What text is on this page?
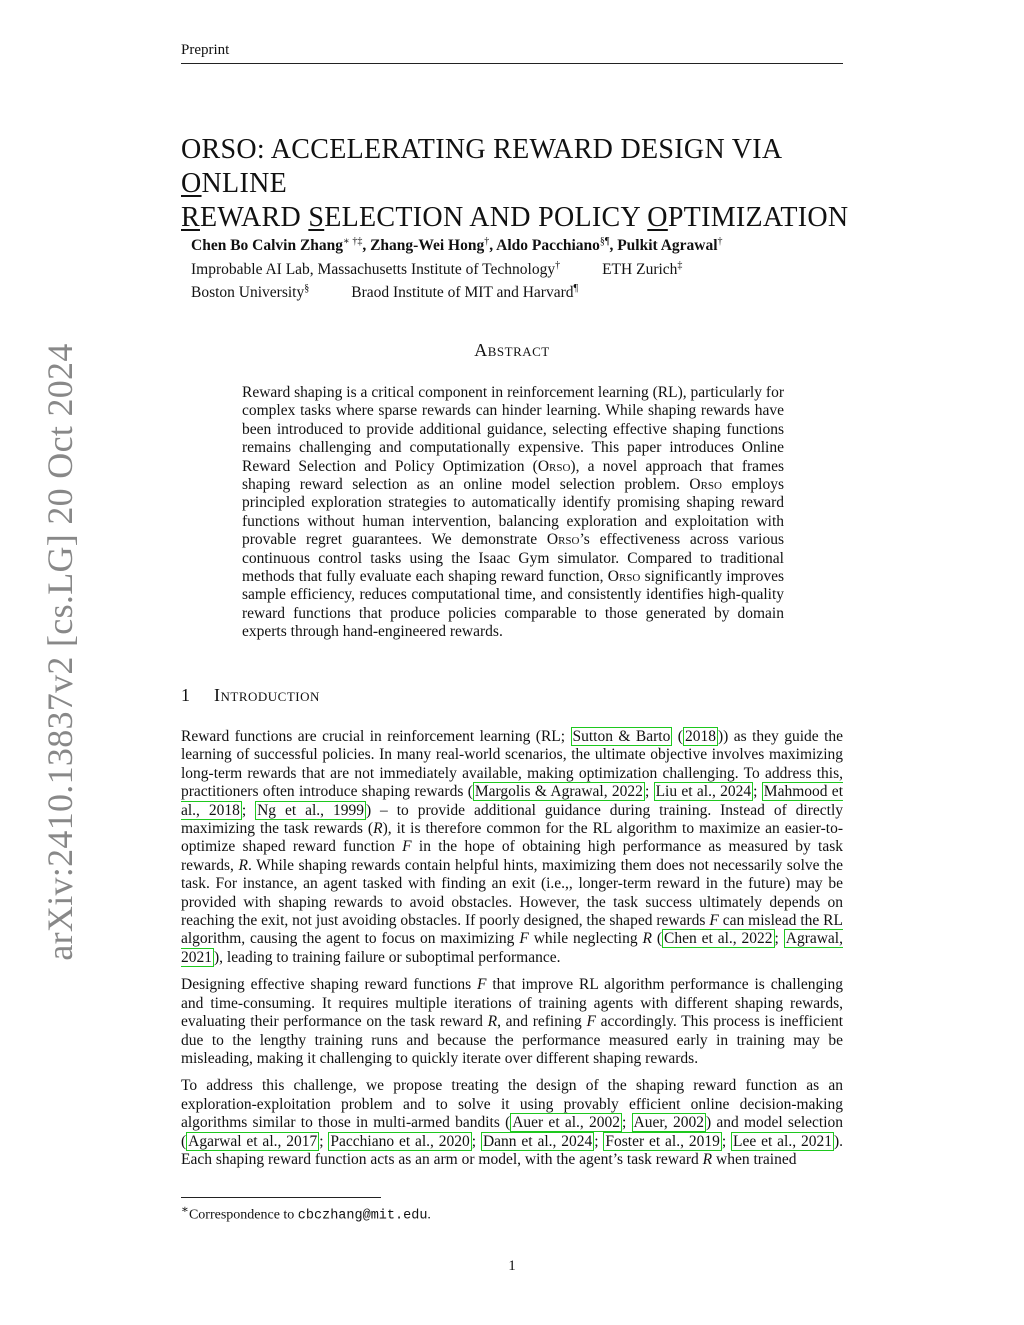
arXiv:2410.13837v2 [cs.LG] 20 Oct 2024
Preprint
ORSO: ACCELERATING REWARD DESIGN VIA ONLINE
REWARD SELECTION AND POLICY OPTIMIZATION
Chen Bo Calvin Zhang∗ †‡, Zhang-Wei Hong†, Aldo Pacchiano§¶, Pulkit Agrawal†
Improbable AI Lab, Massachusetts Institute of Technology†	ETH Zurich‡
Boston University§	Braod Institute of MIT and Harvard¶
Abstract
Reward shaping is a critical component in reinforcement learning (RL), particularly for complex tasks where sparse rewards can hinder learning. While shaping rewards have been introduced to provide additional guidance, selecting effective shaping functions remains challenging and computationally expensive. This paper introduces Online Reward Selection and Policy Optimization (Orso), a novel approach that frames shaping reward selection as an online model selection problem. Orso employs principled exploration strategies to automatically identify promising shaping reward functions without human intervention, balancing exploration and exploitation with provable regret guarantees. We demonstrate Orso’s effectiveness across various continuous control tasks using the Isaac Gym simulator. Compared to traditional methods that fully evaluate each shaping reward function, Orso significantly improves sample efficiency, reduces computational time, and consistently identifies high-quality reward functions that produce policies comparable to those generated by domain experts through hand-engineered rewards.
1 Introduction

Reward functions are crucial in reinforcement learning (RL; Sutton & Barto ( 2018 )) as they guide the learning of successful policies. In many real-world scenarios, the ultimate objective involves maximizing long-term rewards that are not immediately available, making optimization challenging. To address this, practitioners often introduce shaping rewards ( Margolis & Agrawal, 2022 ; Liu et al., 2024 ; Mahmood et al., 2018 ; Ng et al., 1999 ) – to provide additional guidance during training. Instead of directly maximizing the task rewards (R), it is therefore common for the RL algorithm to maximize an easier-to-optimize shaped reward function F in the hope of obtaining high performance as measured by task rewards, R. While shaping rewards contain helpful hints, maximizing them does not necessarily solve the task. For instance, an agent tasked with finding an exit (i.e.,, longer-term reward in the future) may be provided with shaping rewards to avoid obstacles. However, the task success ultimately depends on reaching the exit, not just avoiding obstacles. If poorly designed, the shaped rewards F can mislead the RL algorithm, causing the agent to focus on maximizing F while neglecting R ( Chen et al., 2022 ; Agrawal, 2021 ), leading to training failure or suboptimal performance.

Designing effective shaping reward functions F that improve RL algorithm performance is challenging and time-consuming. It requires multiple iterations of training agents with different shaping rewards, evaluating their performance on the task reward R, and refining F accordingly. This process is inefficient due to the lengthy training runs and because the performance measured early in training may be misleading, making it challenging to quickly iterate over different shaping rewards.

To address this challenge, we propose treating the design of the shaping reward function as an exploration-exploitation problem and to solve it using provably efficient online decision-making algorithms similar to those in multi-armed bandits ( Auer et al., 2002 ; Auer, 2002 ) and model selection ( Agarwal et al., 2017 ; Pacchiano et al., 2020 ; Dann et al., 2024 ; Foster et al., 2019 ; Lee et al., 2021 ). Each shaping reward function acts as an arm or model, with the agent’s task reward R when trained

∗Correspondence to cbczhang@mit.edu.
1
